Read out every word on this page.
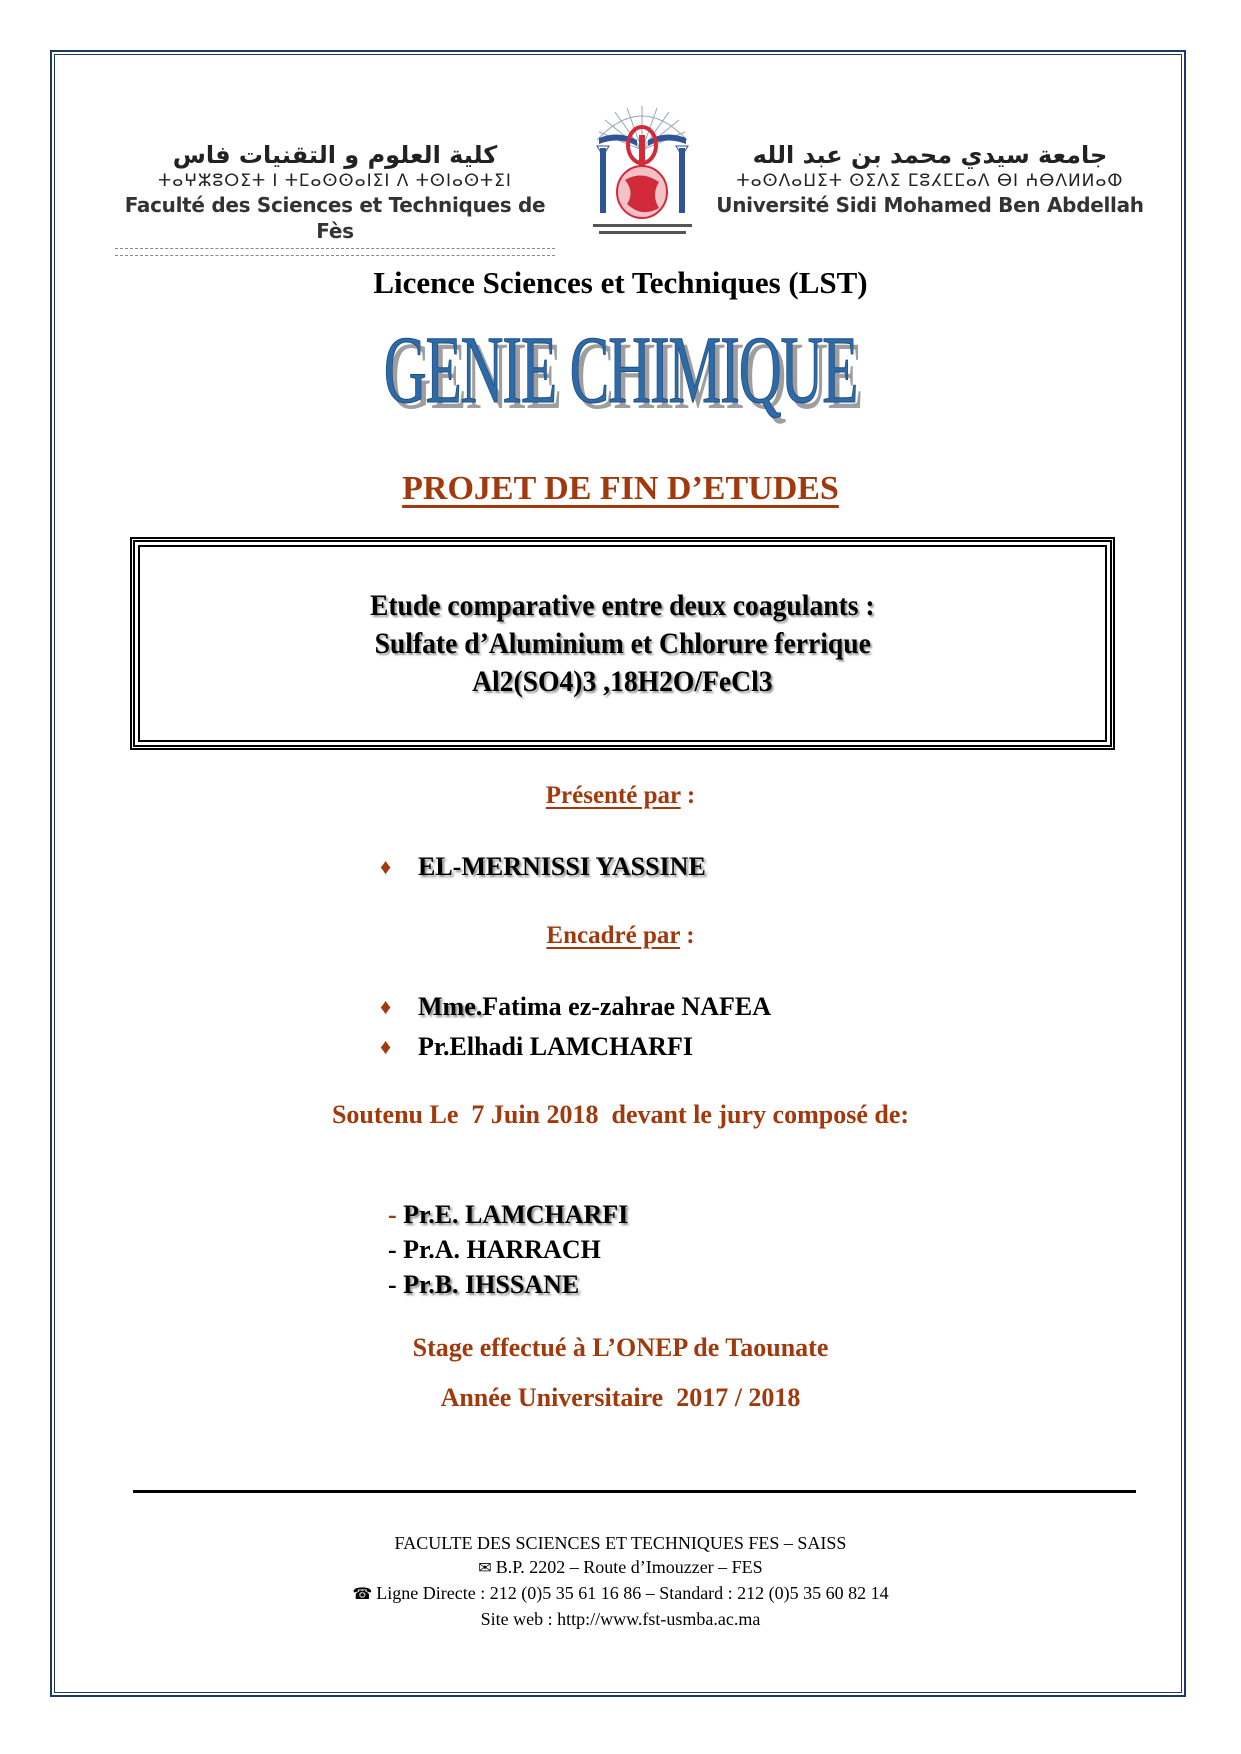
كلية العلوم و التقنيات فاس
ⵜⴰⵖⵣⵓⵔⵉⵜ ⵏ ⵜⵎⴰⵙⵙⴰⵏⵉⵏ ⴷ ⵜⵙⵏⴰⵙⵜⵉⵏ
Faculté des Sciences et Techniques de Fès
جامعة سيدي محمد بن عبد الله
ⵜⴰⵙⴷⴰⵡⵉⵜ ⵙⵉⴷⵉ ⵎⵓⵃⵎⵎⴰⴷ ⴱⵏ ⵄⴱⴷⵍⵍⴰⵀ
Université Sidi Mohamed Ben Abdellah
Licence Sciences et Techniques (LST)
GENIE CHIMIQUE
PROJET DE FIN D’ETUDES
Etude comparative entre deux coagulants :
Sulfate d’Aluminium et Chlorure ferrique
Al2(SO4)3 ,18H2O/FeCl3
Présenté par :
♦	EL-MERNISSI YASSINE
Encadré par :
♦	Mme. Fatima ez-zahrae NAFEA
♦	Pr.Elhadi LAMCHARFI
Soutenu Le  7 Juin 2018  devant le jury composé de:

- Pr.E. LAMCHARFI

- Pr.A. HARRACH

- Pr.B. IHSSANE

Stage effectué à L’ONEP de Taounate
Année Universitaire  2017 / 2018
FACULTE DES SCIENCES ET TECHNIQUES FES – SAISS
✉ B.P. 2202 – Route d’Imouzzer – FES
☎ Ligne Directe : 212 (0)5 35 61 16 86 – Standard : 212 (0)5 35 60 82 14
Site web : http://www.fst-usmba.ac.ma
